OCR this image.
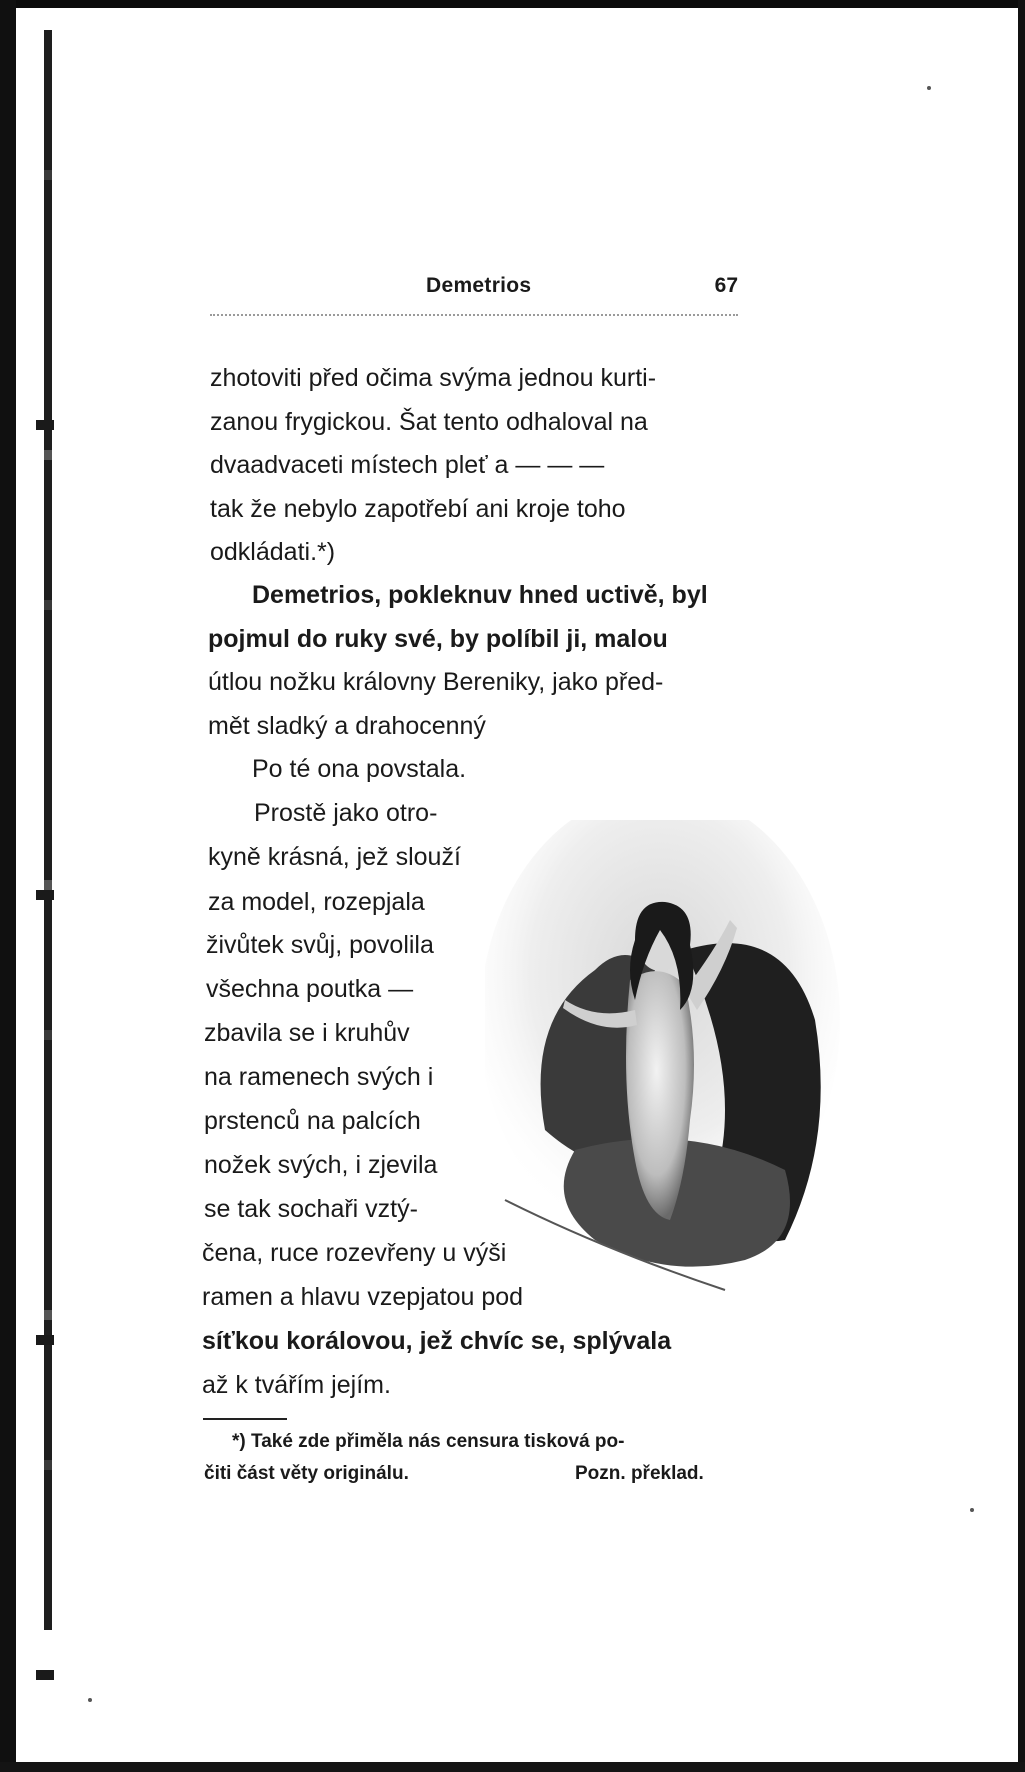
Demetrios	67
zhotoviti před očima svýma jednou kurti-
zanou frygickou. Šat tento odhaloval na
dvaadvaceti místech pleť a — — —
tak že nebylo zapotřebí ani kroje toho
odkládati.*)
Demetrios, pokleknuv hned uctivě, byl
pojmul do ruky své, by políbil ji, malou
útlou nožku královny Bereniky, jako před-
mět sladký a drahocenný
Po té ona povstala.
Prostě jako otro-
kyně krásná, jež slouží
za model, rozepjala
živůtek svůj, povolila
všechna poutka —
zbavila se i kruhův
na ramenech svých i
prstenců na palcích
nožek svých, i zjevila
se tak sochaři vztý-
čena, ruce rozevřeny u výši
ramen a hlavu vzepjatou pod
síťkou korálovou, jež chvíc se, splývala
až k tvářím jejím.
*) Také zde přiměla nás censura tisková po-
čiti část věty originálu.	Pozn. překlad.
